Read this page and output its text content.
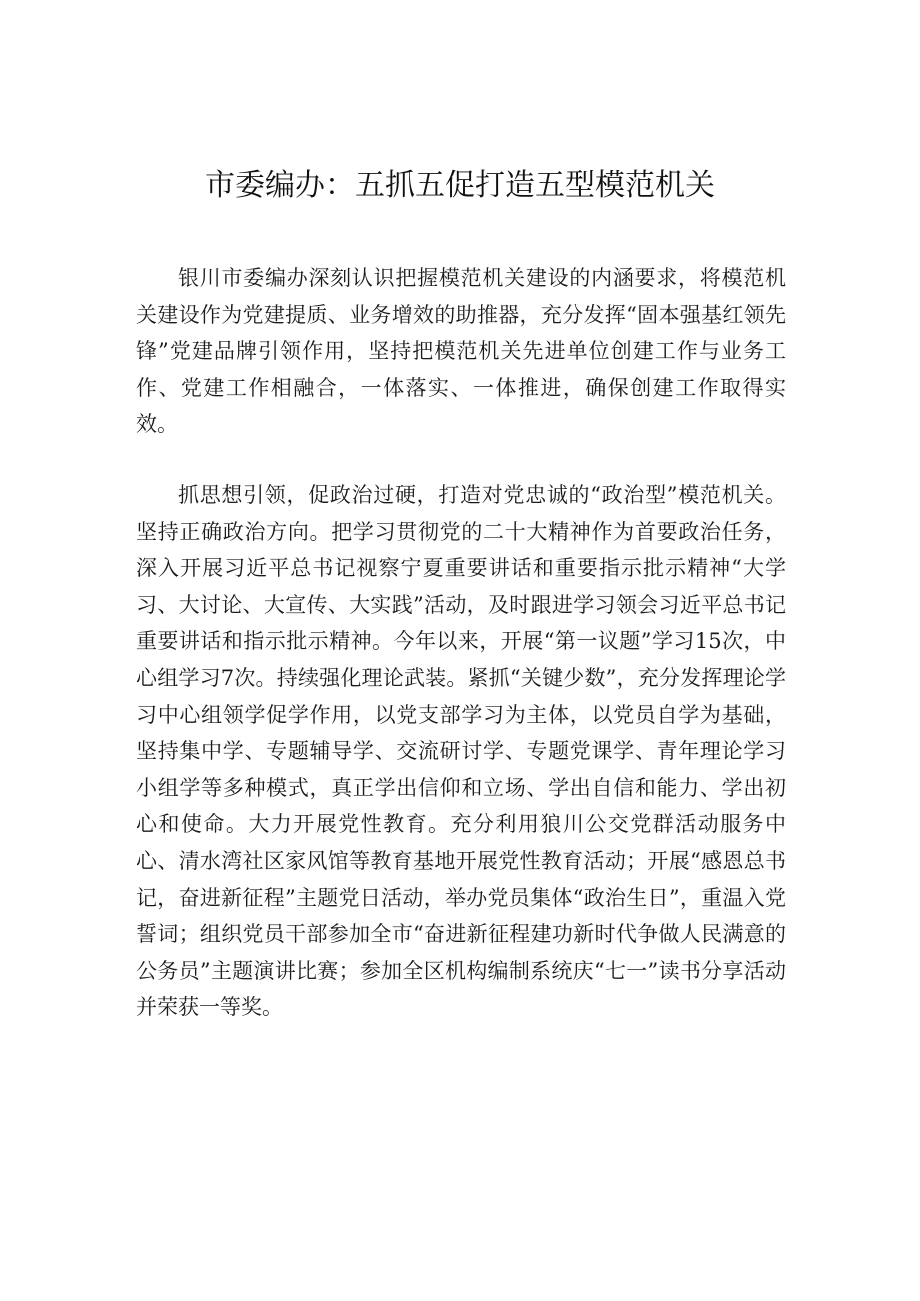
市委编办：五抓五促打造五型模范机关

银川市委编办深刻认识把握模范机关建设的内涵要求，将模范机关建设作为党建提质、业务增效的助推器，充分发挥“固本强基红领先锋”党建品牌引领作用，坚持把模范机关先进单位创建工作与业务工作、党建工作相融合，一体落实、一体推进，确保创建工作取得实效。

抓思想引领，促政治过硬，打造对党忠诚的“政治型”模范机关。坚持正确政治方向。把学习贯彻党的二十大精神作为首要政治任务，深入开展习近平总书记视察宁夏重要讲话和重要指示批示精神“大学习、大讨论、大宣传、大实践”活动，及时跟进学习领会习近平总书记重要讲话和指示批示精神。今年以来，开展“第一议题”学习15次，中心组学习7次。持续强化理论武装。紧抓“关键少数”，充分发挥理论学习中心组领学促学作用，以党支部学习为主体，以党员自学为基础，坚持集中学、专题辅导学、交流研讨学、专题党课学、青年理论学习小组学等多种模式，真正学出信仰和立场、学出自信和能力、学出初心和使命。大力开展党性教育。充分利用狼川公交党群活动服务中心、清水湾社区家风馆等教育基地开展党性教育活动；开展“感恩总书记，奋进新征程”主题党日活动，举办党员集体“政治生日”，重温入党誓词；组织党员干部参加全市“奋进新征程建功新时代争做人民满意的公务员”主题演讲比赛；参加全区机构编制系统庆“七一”读书分享活动并荣获一等奖。
